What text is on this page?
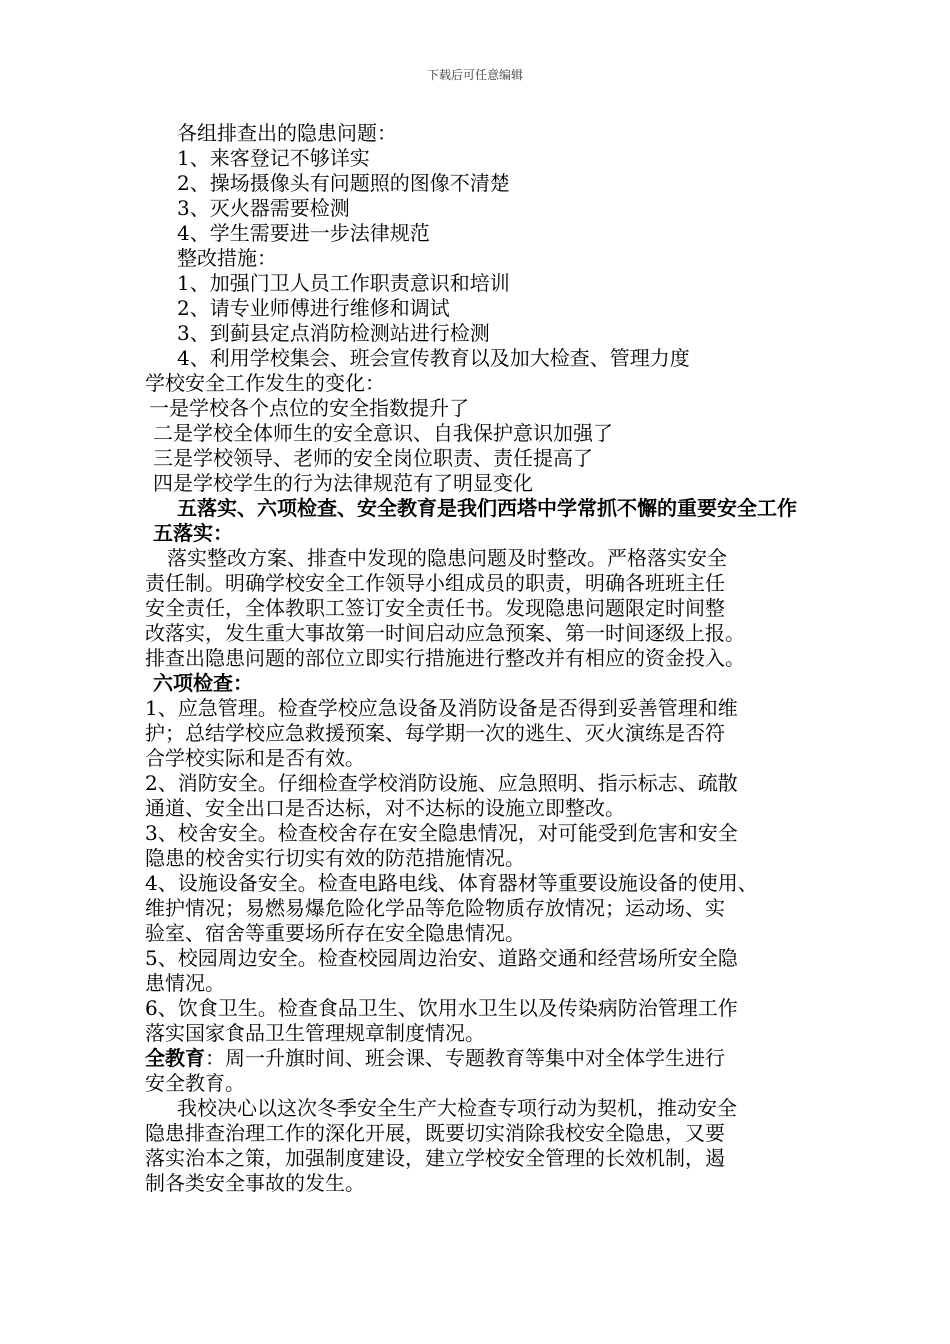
下载后可任意编辑
各组排查出的隐患问题：
1、来客登记不够详实
2、操场摄像头有问题照的图像不清楚
3、灭火器需要检测
4、学生需要进一步法律规范
整改措施：
1、加强门卫人员工作职责意识和培训
2、请专业师傅进行维修和调试
3、到蓟县定点消防检测站进行检测
4、利用学校集会、班会宣传教育以及加大检查、管理力度
学校安全工作发生的变化：
一是学校各个点位的安全指数提升了
二是学校全体师生的安全意识、自我保护意识加强了
三是学校领导、老师的安全岗位职责、责任提高了
四是学校学生的行为法律规范有了明显变化
五落实、六项检查、安全教育是我们西塔中学常抓不懈的重要安全工作
五落实：
落实整改方案、排查中发现的隐患问题及时整改。严格落实安全
责任制。明确学校安全工作领导小组成员的职责，明确各班班主任
安全责任，全体教职工签订安全责任书。发现隐患问题限定时间整
改落实，发生重大事故第一时间启动应急预案、第一时间逐级上报。
排查出隐患问题的部位立即实行措施进行整改并有相应的资金投入。
六项检查：
1、应急管理。检查学校应急设备及消防设备是否得到妥善管理和维
护；总结学校应急救援预案、每学期一次的逃生、灭火演练是否符
合学校实际和是否有效。
2、消防安全。仔细检查学校消防设施、应急照明、指示标志、疏散
通道、安全出口是否达标，对不达标的设施立即整改。
3、校舍安全。检查校舍存在安全隐患情况，对可能受到危害和安全
隐患的校舍实行切实有效的防范措施情况。
4、设施设备安全。检查电路电线、体育器材等重要设施设备的使用、
维护情况；易燃易爆危险化学品等危险物质存放情况；运动场、实
验室、宿舍等重要场所存在安全隐患情况。
5、校园周边安全。检查校园周边治安、道路交通和经营场所安全隐
患情况。
6、饮食卫生。检查食品卫生、饮用水卫生以及传染病防治管理工作
落实国家食品卫生管理规章制度情况。
全教育：周一升旗时间、班会课、专题教育等集中对全体学生进行
安全教育。
我校决心以这次冬季安全生产大检查专项行动为契机，推动安全
隐患排查治理工作的深化开展，既要切实消除我校安全隐患，又要
落实治本之策，加强制度建设，建立学校安全管理的长效机制，遏
制各类安全事故的发生。
